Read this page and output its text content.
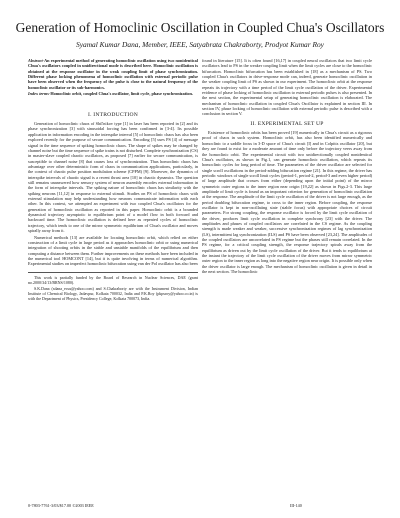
Generation of Homoclinic Oscillation in Coupled Chua's Oscillators
Syamal Kumar Dana, Member, IEEE, Satyabrata Chakraborty, Prodyot Kumar Roy

Abstract-An experimental method of generating homoclinic oscillation using two nonidentical Chua's oscillators coupled in unidirectional mode is described here. Homoclinic oscillation is obtained at the response oscillator in the weak coupling limit of phase synchronization. Different phase locking phenomena of homoclinic oscillation with external periodic pulse have been observed when the frequency of the pulse is close to the natural frequency of the homoclinic oscillator or its sub-harmonics.

Index terms-Homoclinic orbit, coupled Chua's oscillator, limit cycle, phase synchronization.

I. INTRODUCTION

Generation of homoclinic chaos of Shil'nikov type [1] in laser has been reported in [2] and its phase synchronization [3] with sinusoidal forcing has been confirmed in [3-4]. Its possible application in information encoding in the interspike interval [5] of homoclinic chaos has also been explored recently for the purpose of secure communication. Encoding [5] uses PS [4] of message signal in the time sequence of spiking homoclinic chaos. The shape of spikes may be changed by channel noise but the time sequence of spike trains is not disturbed. Complete synchronization (CS) in master-slave coupled chaotic oscillators, as proposed [7] earlier for secure communication, is susceptible to channel noise [8] that causes loss of synchronization. Thus homoclinic chaos has advantage over other deterministic form of chaos in communication applications, particularly, in the context of chaotic pulse position modulation scheme (CPPM) [9]. Moreover, the dynamics of interspike intervals of chaotic signal is a recent thrust area [10] in chaotic dynamics. The question still remains unanswered how sensory system of neuron assembly encodes external information in the form of interspike intervals. The spiking nature of homoclinic chaos has similarity with the spiking neurons [11,12] in response to external stimuli. Studies on PS of homoclinic chaos with external stimulation may help understanding how neurons communicate information with each other. In this context, we attempted an experiment with two coupled Chua's oscillators for the generation of homoclinic oscillation as reported in this paper. Homoclinic orbit is a bounded dynamical trajectory asymptotic to equilibrium point of a model flow in both forward and backward time. The homoclinic oscillation is defined here as repeated cycles of homoclinic trajectory, which tends to one of the mirror symmetric equilibrium of Chua's oscillator and moves spirally away from it.

Numerical methods [13] are available for locating homoclinic orbit, which relied on either construction of a limit cycle in large period as it approaches homoclinic orbit or using numerical integration of shooting orbits in the stable and unstable manifolds of the equilibrium and then computing a distance between them. Further improvements on these methods have been included in the numerical tool HOMCONT [14], but it is quite involving in terms of numerical algorithm. Experimental studies on imperfect homoclinic bifurcation using van der Pol oscillator has also been

This work is partially funded by the Board of Research in Nuclear Sciences, DAE (grant no.2000/34/13/BRNS/1080).

S.K.Dana (sdana_ecsu@yahoo.com) and S.Chakraborty are with the Instrument Division, Indian Institute of Chemical Biology, Jadavpur, Kolkata 700032, India and P.K.Roy (pkpsroy@yahoo.co.in) is with the Department of Physics, Presidency College, Kolkata 700073, India.

found in literature [15]. It is often found [16,17] in coupled neural oscillators that two limit cycle oscillators lead to PS in the weaker coupling limit when the limit cycles are close to the homoclinic bifurcation. Homoclinic bifurcation has been established in [18] as a mechanism of PS. Two coupled Chua's oscillators in drive-response mode can, indeed, generate homoclinic oscillation in the weaker coupling limit of PS as shown in our experiment. The homoclinic orbit at the response repeats its trajectory with a time period of the limit cycle oscillation of the driver. Experimental evidence of phase locking of homoclinic oscillation to external periodic pulses is also presented. In the next section, the experimental setup of generating homoclinic oscillation is elaborated. The mechanism of homoclinic oscillation in coupled Chua's Oscillator is explained in section III. In section IV, phase locking of homoclinic oscillation with external periodic pulse is described with a conclusion in section V.

II. EXPERIMENTAL SET UP

Existence of homoclinic orbits has been proved [19] numerically in Chua's circuit as a rigorous proof of chaos in such system. Homoclinic orbit, has also been identified numerically and homoclinic to a saddle focus in 3-D space of Chua's circuit [I] and in Colpitts oscillator [20], but they are found to exist for a moderate amount of time only before the trajectory veers away from the homoclinic orbit. The experimental circuit with two unidirectionally coupled nonidentical Chua's oscillators, as shown in Fig.1, can generate homoclinic oscillation, which repeats its homoclinic cycles for long period of time. The parameters of the driver oscillator are selected for single scroll oscillations in the period-adding bifurcation regime [21]. In this regime, the driver has periodic windows of single scroll limit cycles (period-1, period-2, period-3 and even higher period) of large amplitude that crosses from either (depending upon the initial point) of the mirror symmetric outer regions to the inner region near origin [19,22] as shown in Figs.2-3. This large amplitude of limit cycle is found as an important criterion for generation of homoclinic oscillation at the response. The amplitude of the limit cycle oscillation of the driver is not large enough, as the period doubling bifurcation regime, to cross to the inner region. Before coupling, the response oscillator is kept in non-oscillating state (stable focus) with appropriate choices of circuit parameters. For strong coupling, the response oscillator is forced by the limit cycle oscillation of the driver, produces limit cycle oscillation in complete synchrony [23] with the driver. The amplitudes and phases of coupled oscillators are correlated in the CS regime. As the coupling strength is made weaker and weaker, successive synchronization regimes of lag synchronization (LS), intermittent lag synchronization (ILS) and PS have been observed [23,24]. The amplitudes of the coupled oscillators are uncorrelated in PS regime but the phases still remain correlated. In the PS regime, for a critical coupling strength, the response trajectory spirals away from the equilibrium as driven out by the limit cycle oscillation of the driver. But it tends to equilibrium at the instant the trajectory of the limit cycle oscillation of the driver moves from mirror symmetric outer region to the inner region as long into the negative region near origin. It is possible only when the driver oscillator is large enough. The mechanism of homoclinic oscillation is given in detail in the next section. The homoclinic

0-7803-7761-3/03/$17.00 ©2003 IEEE	III-140
